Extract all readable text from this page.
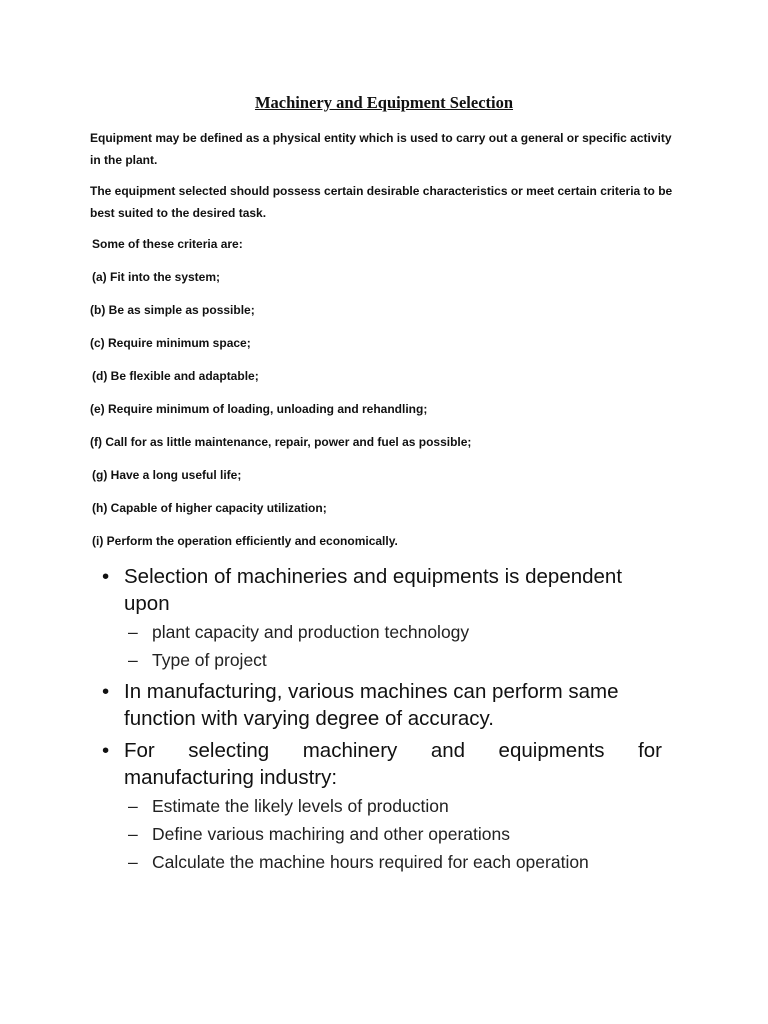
Machinery and Equipment Selection
Equipment may be defined as a physical entity which is used to carry out a general or specific activity in the plant.
The equipment selected should possess certain desirable characteristics or meet certain criteria to be best suited to the desired task.
Some of these criteria are:
(a) Fit into the system;
(b) Be as simple as possible;
(c) Require minimum space;
(d) Be flexible and adaptable;
(e) Require minimum of loading, unloading and rehandling;
(f) Call for as little maintenance, repair, power and fuel as possible;
(g) Have a long useful life;
(h) Capable of higher capacity utilization;
(i) Perform the operation efficiently and economically.
• Selection of machineries and equipments is dependent upon
– plant capacity and production technology
– Type of project
• In manufacturing, various machines can perform same function with varying degree of accuracy.
• For selecting machinery and equipments for
manufacturing industry:
– Estimate the likely levels of production
– Define various machiring and other operations
– Calculate the machine hours required for each operation
